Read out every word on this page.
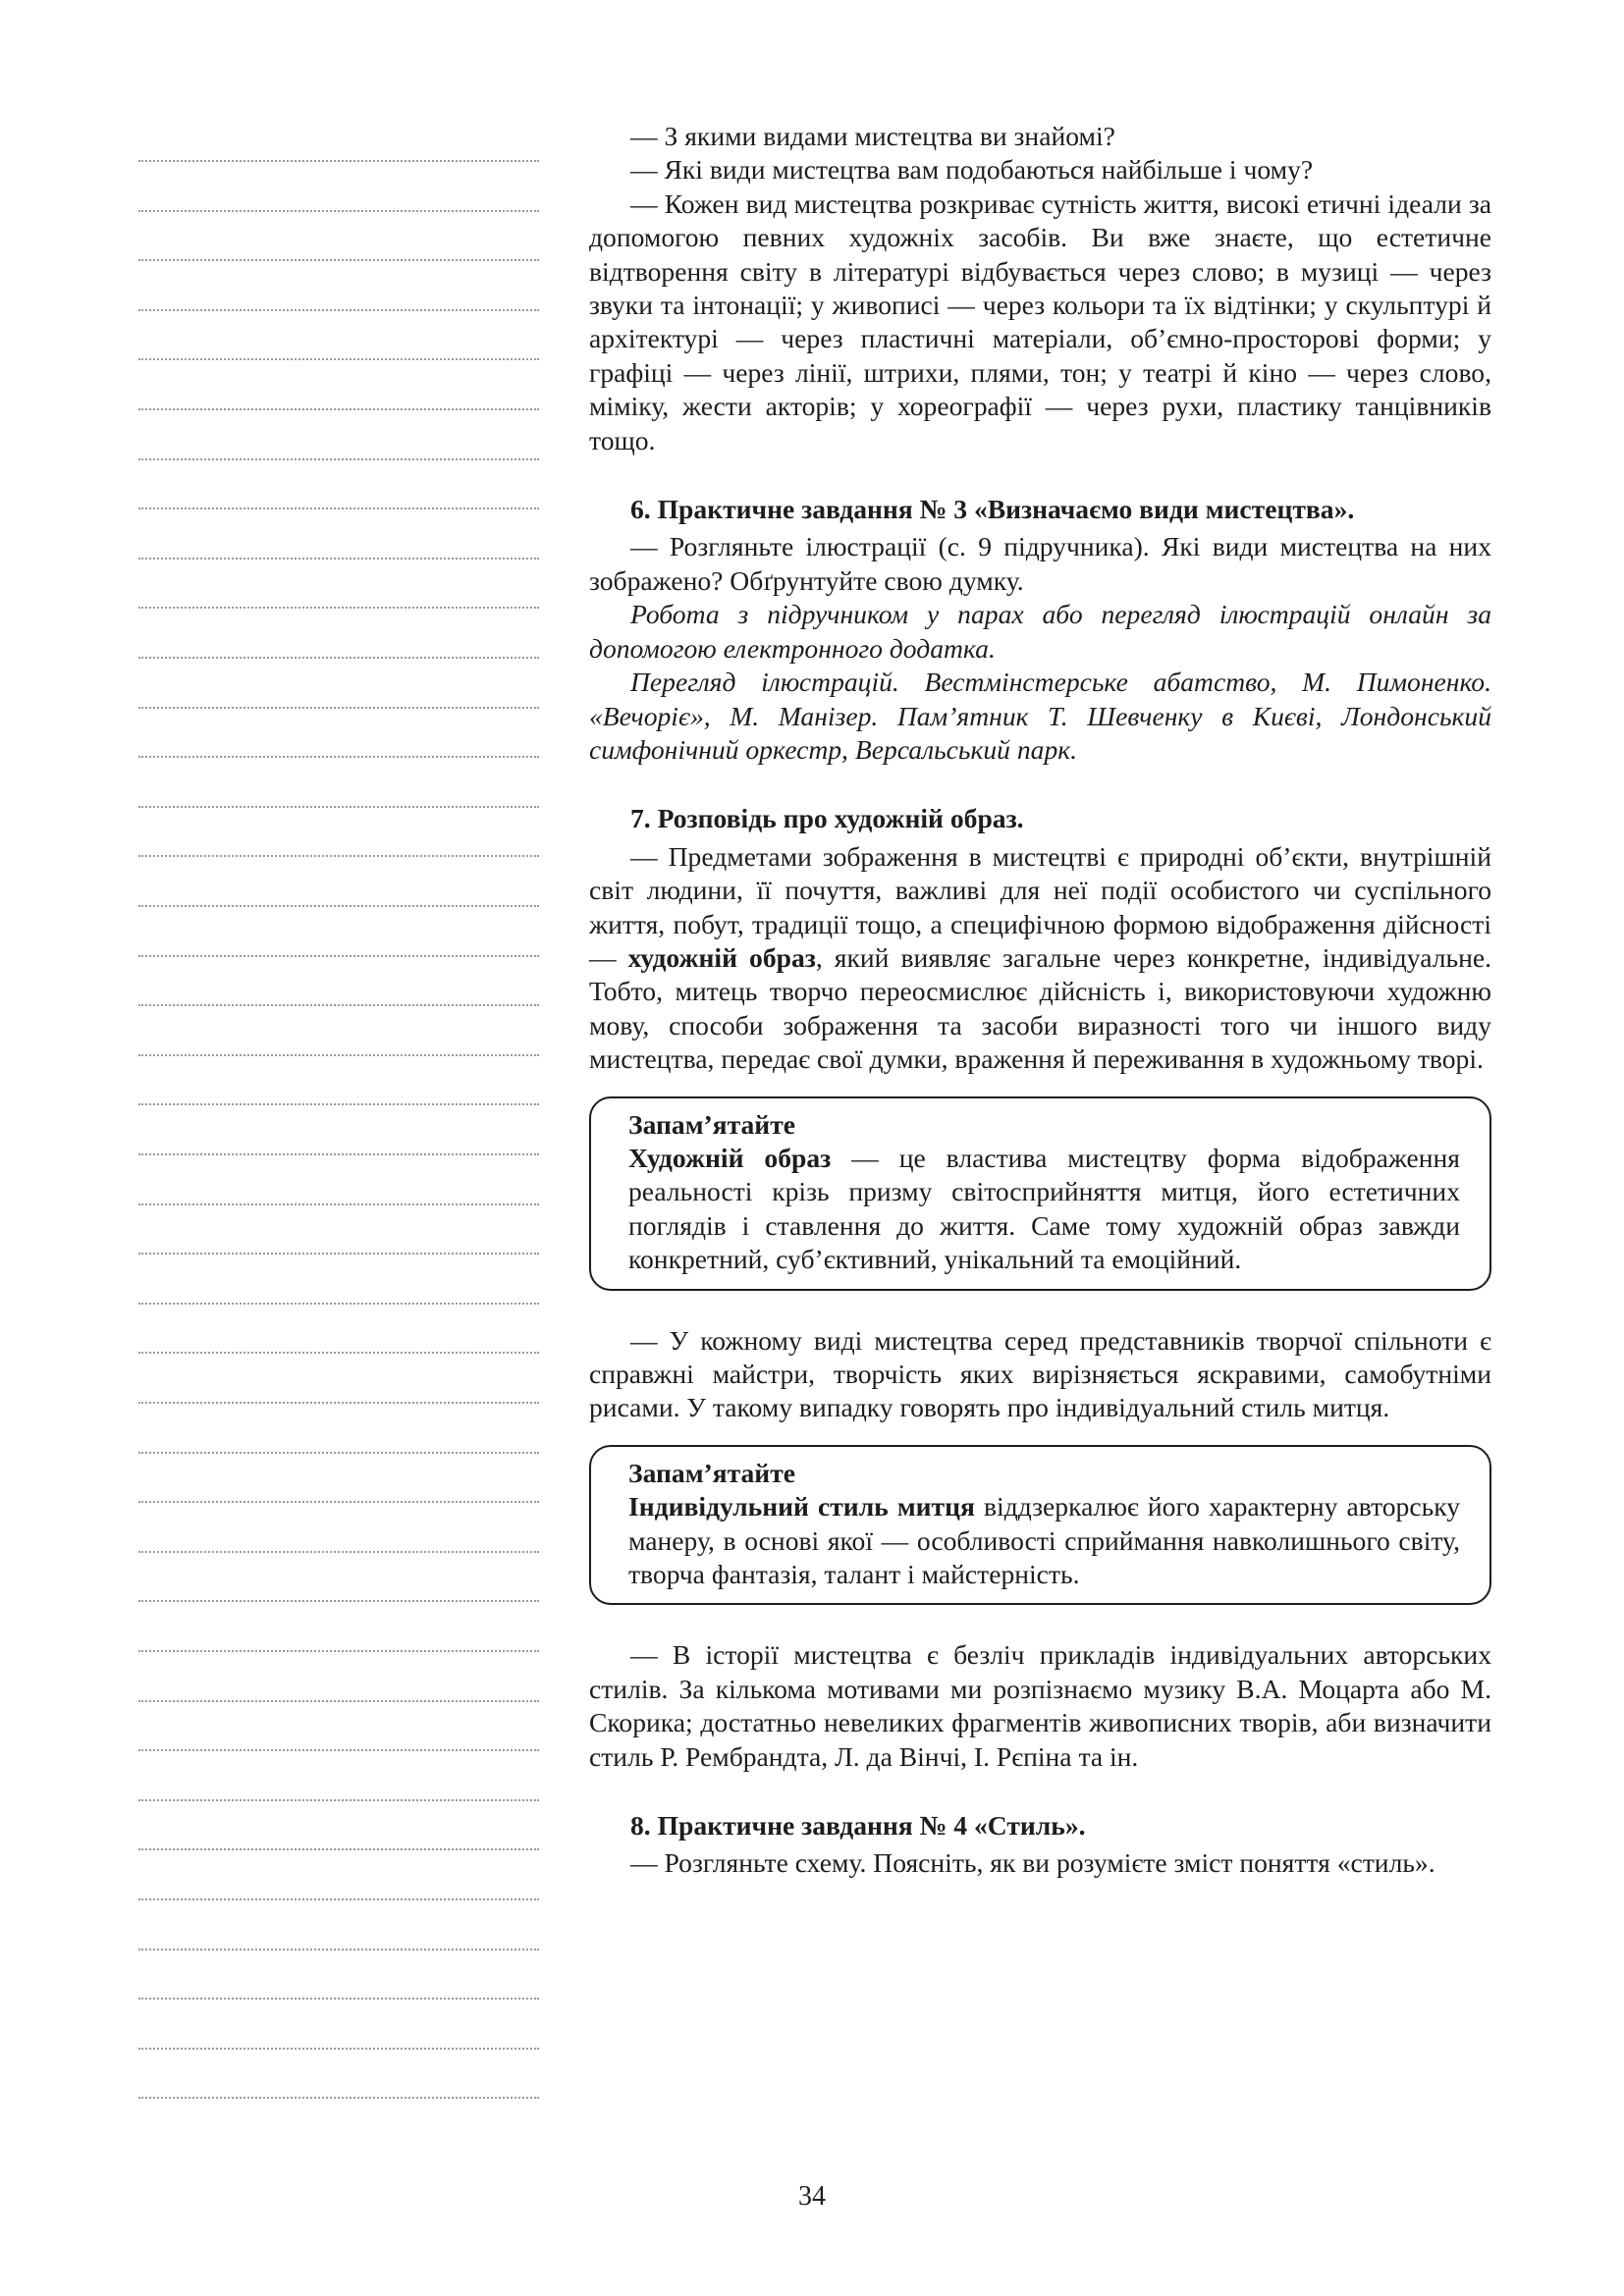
— З якими видами мистецтва ви знайомі?

— Які види мистецтва вам подобаються найбільше і чому?

— Кожен вид мистецтва розкриває сутність життя, високі етичні ідеали за допомогою певних художніх засобів. Ви вже знаєте, що естетичне відтворення світу в літературі відбувається через слово; в музиці — через звуки та інтонації; у живописі — через кольори та їх відтінки; у скульптурі й архітектурі — через пластичні матеріали, об’ємно-просторові форми; у графіці — через лінії, штрихи, плями, тон; у театрі й кіно — через слово, міміку, жести акторів; у хореографії — через рухи, пластику танцівників тощо.

6. Практичне завдання № 3 «Визначаємо види мистецтва».

— Розгляньте ілюстрації (с. 9 підручника). Які види мистецтва на них зображено? Обґрунтуйте свою думку.

Робота з підручником у парах або перегляд ілюстрацій онлайн за допомогою електронного додатка.

Перегляд ілюстрацій. Вестмінстерське абатство, М. Пимоненко. «Вечоріє», М. Манізер. Пам’ятник Т. Шевченку в Києві, Лондонський симфонічний оркестр, Версальський парк.

7. Розповідь про художній образ.

— Предметами зображення в мистецтві є природні об’єкти, внутрішній світ людини, її почуття, важливі для неї події особистого чи суспільного життя, побут, традиції тощо, а специфічною формою відображення дійсності — художній образ, який виявляє загальне через конкретне, індивідуальне. Тобто, митець творчо переосмислює дійсність і, використовуючи художню мову, способи зображення та засоби виразності того чи іншого виду мистецтва, передає свої думки, враження й переживання в художньому творі.

Запам’ятайте

Художній образ — це властива мистецтву форма відображення реальності крізь призму світосприйняття митця, його естетичних поглядів і ставлення до життя. Саме тому художній образ завжди конкретний, суб’єктивний, унікальний та емоційний.

— У кожному виді мистецтва серед представників творчої спільноти є справжні майстри, творчість яких вирізняється яскравими, самобутніми рисами. У такому випадку говорять про індивідуальний стиль митця.

Запам’ятайте

Індивідульний стиль митця віддзеркалює його характерну авторську манеру, в основі якої — особливості сприймання навколишнього світу, творча фантазія, талант і майстерність.

— В історії мистецтва є безліч прикладів індивідуальних авторських стилів. За кількома мотивами ми розпізнаємо музику В.А. Моцарта або М. Скорика; достатньо невеликих фрагментів живописних творів, аби визначити стиль Р. Рембрандта, Л. да Вінчі, І. Рєпіна та ін.

8. Практичне завдання № 4 «Стиль».

— Розгляньте схему. Поясніть, як ви розумієте зміст поняття «стиль».

34
